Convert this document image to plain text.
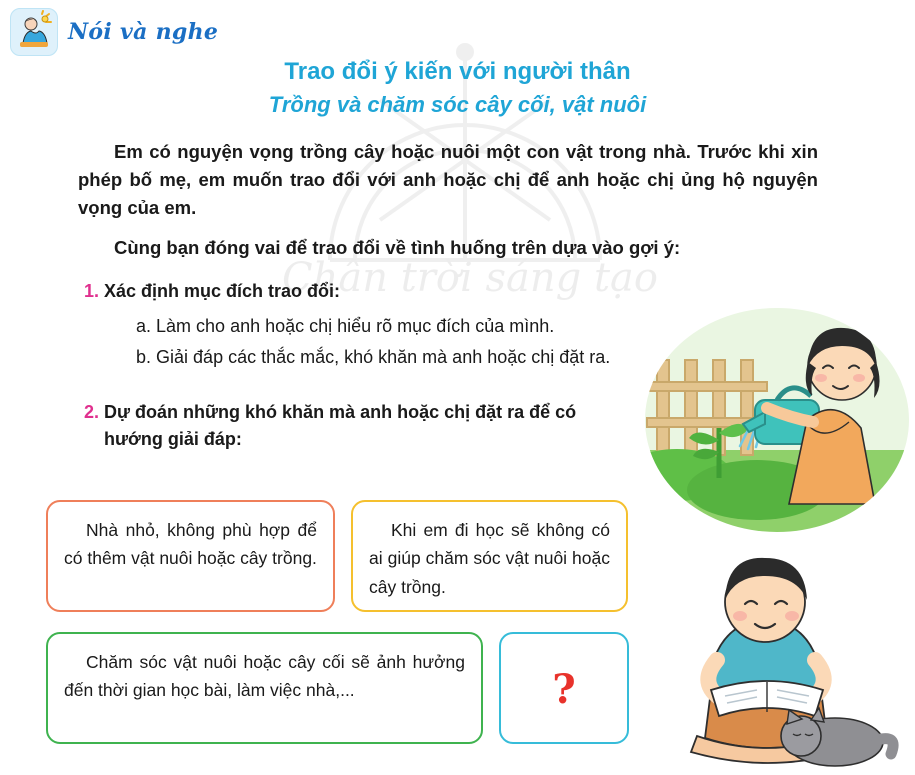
Chân trời sáng tạo
Nói và nghe
Trao đổi ý kiến với người thân
Trồng và chăm sóc cây cối, vật nuôi

Em có nguyện vọng trồng cây hoặc nuôi một con vật trong nhà. Trước khi xin phép bố mẹ, em muốn trao đổi với anh hoặc chị để anh hoặc chị ủng hộ nguyện vọng của em.

Cùng bạn đóng vai để trao đổi về tình huống trên dựa vào gợi ý:

1. Xác định mục đích trao đổi:
a. Làm cho anh hoặc chị hiểu rõ mục đích của mình.
b. Giải đáp các thắc mắc, khó khăn mà anh hoặc chị đặt ra.
2. Dự đoán những khó khăn mà anh hoặc chị đặt ra để có hướng giải đáp:

Nhà nhỏ, không phù hợp để có thêm vật nuôi hoặc cây trồng.

Khi em đi học sẽ không có ai giúp chăm sóc vật nuôi hoặc cây trồng.

Chăm sóc vật nuôi hoặc cây cối sẽ ảnh hưởng đến thời gian học bài, làm việc nhà,...	?
